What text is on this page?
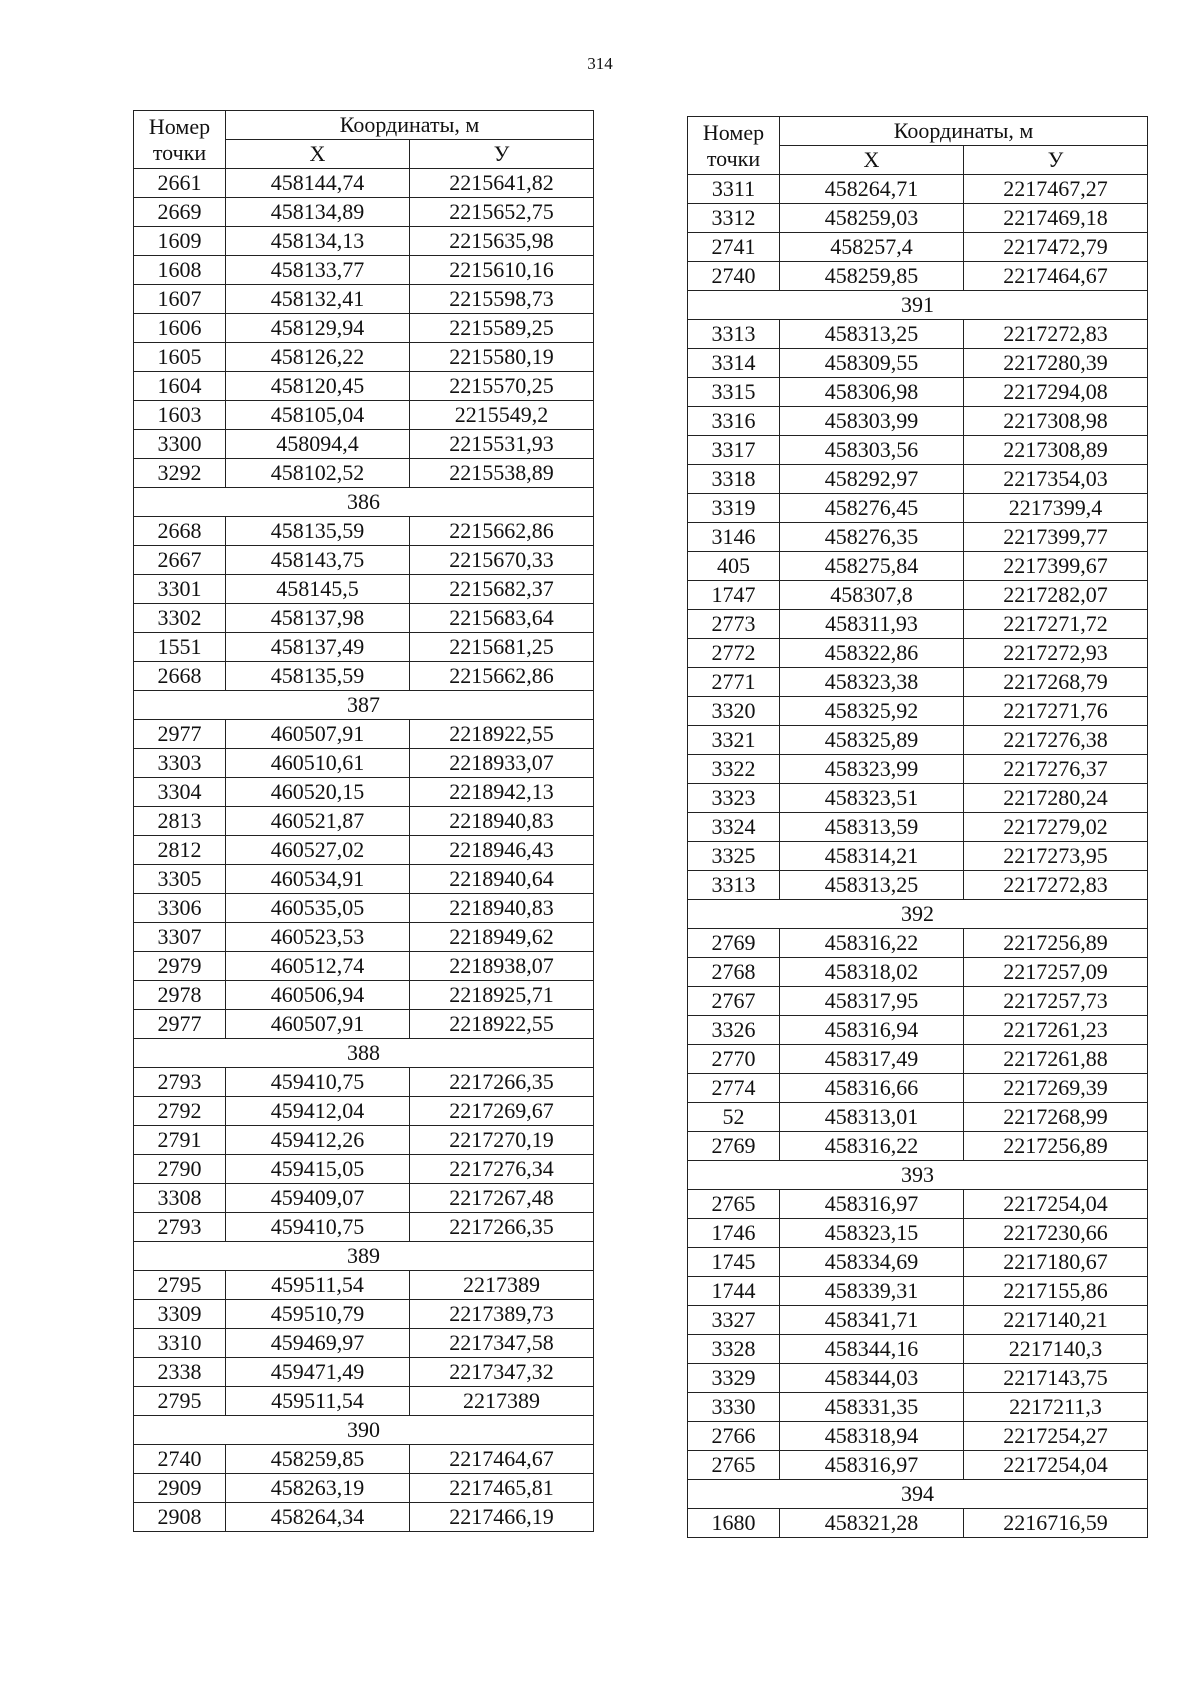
314
Номер
точки	Координаты, м	
	Х	У
2661	458144,74	2215641,82
2669	458134,89	2215652,75
1609	458134,13	2215635,98
1608	458133,77	2215610,16
1607	458132,41	2215598,73
1606	458129,94	2215589,25
1605	458126,22	2215580,19
1604	458120,45	2215570,25
1603	458105,04	2215549,2
3300	458094,4	2215531,93
3292	458102,52	2215538,89
386		
2668	458135,59	2215662,86
2667	458143,75	2215670,33
3301	458145,5	2215682,37
3302	458137,98	2215683,64
1551	458137,49	2215681,25
2668	458135,59	2215662,86
387		
2977	460507,91	2218922,55
3303	460510,61	2218933,07
3304	460520,15	2218942,13
2813	460521,87	2218940,83
2812	460527,02	2218946,43
3305	460534,91	2218940,64
3306	460535,05	2218940,83
3307	460523,53	2218949,62
2979	460512,74	2218938,07
2978	460506,94	2218925,71
2977	460507,91	2218922,55
388		
2793	459410,75	2217266,35
2792	459412,04	2217269,67
2791	459412,26	2217270,19
2790	459415,05	2217276,34
3308	459409,07	2217267,48
2793	459410,75	2217266,35
389		
2795	459511,54	2217389
3309	459510,79	2217389,73
3310	459469,97	2217347,58
2338	459471,49	2217347,32
2795	459511,54	2217389
390		
2740	458259,85	2217464,67
2909	458263,19	2217465,81
2908	458264,34	2217466,19
Номер
точки	Координаты, м	
	Х	У
3311	458264,71	2217467,27
3312	458259,03	2217469,18
2741	458257,4	2217472,79
2740	458259,85	2217464,67
391		
3313	458313,25	2217272,83
3314	458309,55	2217280,39
3315	458306,98	2217294,08
3316	458303,99	2217308,98
3317	458303,56	2217308,89
3318	458292,97	2217354,03
3319	458276,45	2217399,4
3146	458276,35	2217399,77
405	458275,84	2217399,67
1747	458307,8	2217282,07
2773	458311,93	2217271,72
2772	458322,86	2217272,93
2771	458323,38	2217268,79
3320	458325,92	2217271,76
3321	458325,89	2217276,38
3322	458323,99	2217276,37
3323	458323,51	2217280,24
3324	458313,59	2217279,02
3325	458314,21	2217273,95
3313	458313,25	2217272,83
392		
2769	458316,22	2217256,89
2768	458318,02	2217257,09
2767	458317,95	2217257,73
3326	458316,94	2217261,23
2770	458317,49	2217261,88
2774	458316,66	2217269,39
52	458313,01	2217268,99
2769	458316,22	2217256,89
393		
2765	458316,97	2217254,04
1746	458323,15	2217230,66
1745	458334,69	2217180,67
1744	458339,31	2217155,86
3327	458341,71	2217140,21
3328	458344,16	2217140,3
3329	458344,03	2217143,75
3330	458331,35	2217211,3
2766	458318,94	2217254,27
2765	458316,97	2217254,04
394		
1680	458321,28	2216716,59
